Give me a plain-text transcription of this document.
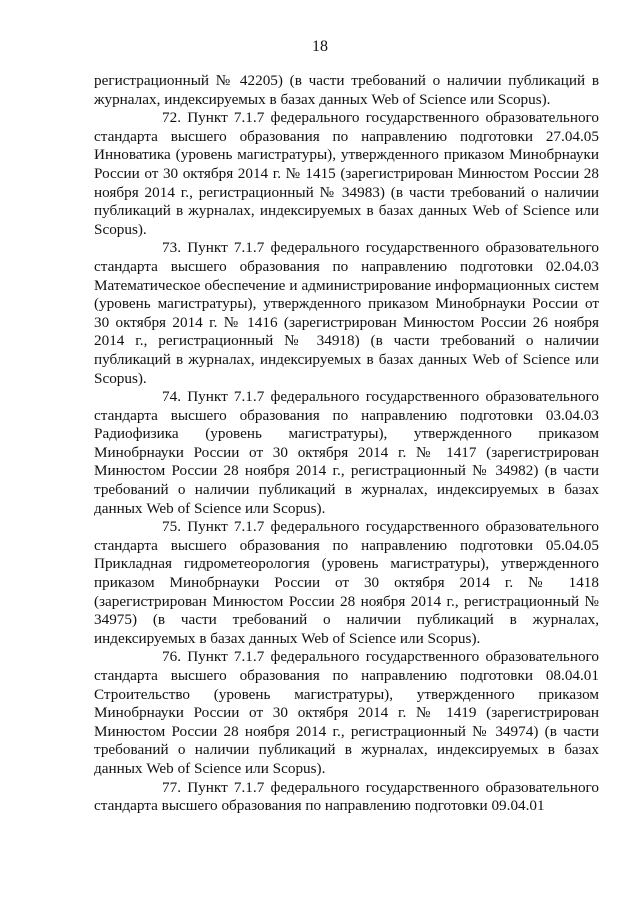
18

регистрационный № 42205) (в части требований о наличии публикаций в журналах, индексируемых в базах данных Web of Science или Scopus).

72. Пункт 7.1.7 федерального государственного образовательного стандарта высшего образования по направлению подготовки 27.04.05 Инноватика (уровень магистратуры), утвержденного приказом Минобрнауки России от 30 октября 2014 г. № 1415 (зарегистрирован Минюстом России 28 ноября 2014 г., регистрационный № 34983) (в части требований о наличии публикаций в журналах, индексируемых в базах данных Web of Science или Scopus).

73. Пункт 7.1.7 федерального государственного образовательного стандарта высшего образования по направлению подготовки 02.04.03 Математическое обеспечение и администрирование информационных систем (уровень магистратуры), утвержденного приказом Минобрнауки России от 30 октября 2014 г. № 1416 (зарегистрирован Минюстом России 26 ноября 2014 г., регистрационный № 34918) (в части требований о наличии публикаций в журналах, индексируемых в базах данных Web of Science или Scopus).

74. Пункт 7.1.7 федерального государственного образовательного стандарта высшего образования по направлению подготовки 03.04.03 Радиофизика (уровень магистратуры), утвержденного приказом Минобрнауки России от 30 октября 2014 г. № 1417 (зарегистрирован Минюстом России 28 ноября 2014 г., регистрационный № 34982) (в части требований о наличии публикаций в журналах, индексируемых в базах данных Web of Science или Scopus).

75. Пункт 7.1.7 федерального государственного образовательного стандарта высшего образования по направлению подготовки 05.04.05 Прикладная гидрометеорология (уровень магистратуры), утвержденного приказом Минобрнауки России от 30 октября 2014 г. № 1418 (зарегистрирован Минюстом России 28 ноября 2014 г., регистрационный № 34975) (в части требований о наличии публикаций в журналах, индексируемых в базах данных Web of Science или Scopus).

76. Пункт 7.1.7 федерального государственного образовательного стандарта высшего образования по направлению подготовки 08.04.01 Строительство (уровень магистратуры), утвержденного приказом Минобрнауки России от 30 октября 2014 г. № 1419 (зарегистрирован Минюстом России 28 ноября 2014 г., регистрационный № 34974) (в части требований о наличии публикаций в журналах, индексируемых в базах данных Web of Science или Scopus).

77. Пункт 7.1.7 федерального государственного образовательного стандарта высшего образования по направлению подготовки 09.04.01
